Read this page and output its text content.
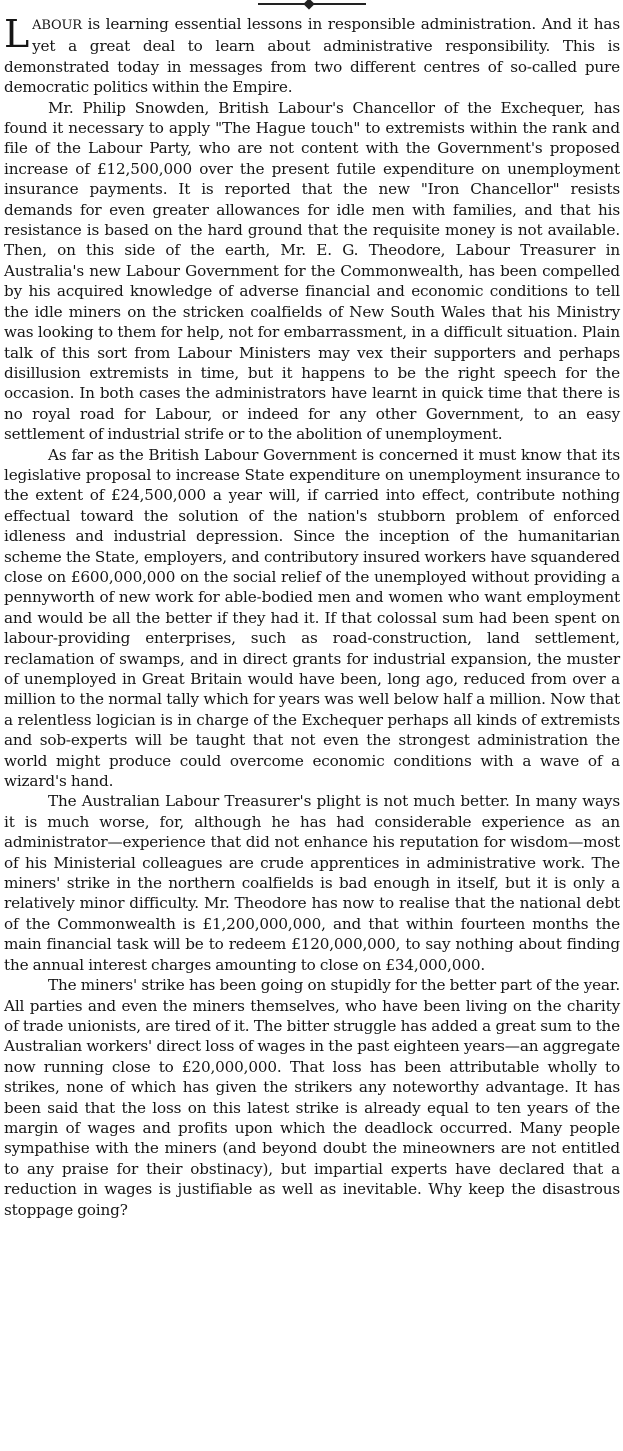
LABOUR is learning essential lessons in responsible administration. And it has yet a great deal to learn about administrative responsibility. This is demonstrated today in messages from two different centres of so-called pure democratic politics within the Empire.

Mr. Philip Snowden, British Labour's Chancellor of the Exchequer, has found it necessary to apply "The Hague touch" to extremists within the rank and file of the Labour Party, who are not content with the Government's proposed increase of £12,500,000 over the present futile expenditure on unemployment insurance payments. It is reported that the new "Iron Chancellor" resists demands for even greater allowances for idle men with families, and that his resistance is based on the hard ground that the requisite money is not available. Then, on this side of the earth, Mr. E. G. Theodore, Labour Treasurer in Australia's new Labour Government for the Commonwealth, has been compelled by his acquired knowledge of adverse financial and economic conditions to tell the idle miners on the stricken coalfields of New South Wales that his Ministry was looking to them for help, not for embarrassment, in a difficult situation. Plain talk of this sort from Labour Ministers may vex their supporters and perhaps disillusion extremists in time, but it happens to be the right speech for the occasion. In both cases the administrators have learnt in quick time that there is no royal road for Labour, or indeed for any other Government, to an easy settlement of industrial strife or to the abolition of unemployment.

As far as the British Labour Government is concerned it must know that its legislative proposal to increase State expenditure on unemployment insurance to the extent of £24,500,000 a year will, if carried into effect, contribute nothing effectual toward the solution of the nation's stubborn problem of enforced idleness and industrial depression. Since the inception of the humanitarian scheme the State, employers, and contributory insured workers have squandered close on £600,000,000 on the social relief of the unemployed without providing a pennyworth of new work for able-bodied men and women who want employment and would be all the better if they had it. If that colossal sum had been spent on labour-providing enterprises, such as road-construction, land settlement, reclamation of swamps, and in direct grants for industrial expansion, the muster of unemployed in Great Britain would have been, long ago, reduced from over a million to the normal tally which for years was well below half a million. Now that a relentless logician is in charge of the Exchequer perhaps all kinds of extremists and sob-experts will be taught that not even the strongest administration the world might produce could overcome economic conditions with a wave of a wizard's hand.

The Australian Labour Treasurer's plight is not much better. In many ways it is much worse, for, although he has had considerable experience as an administrator—experience that did not enhance his reputation for wisdom—most of his Ministerial colleagues are crude apprentices in administrative work. The miners' strike in the northern coalfields is bad enough in itself, but it is only a relatively minor difficulty. Mr. Theodore has now to realise that the national debt of the Commonwealth is £1,200,000,000, and that within fourteen months the main financial task will be to redeem £120,000,000, to say nothing about finding the annual interest charges amounting to close on £34,000,000.

The miners' strike has been going on stupidly for the better part of the year. All parties and even the miners themselves, who have been living on the charity of trade unionists, are tired of it. The bitter struggle has added a great sum to the Australian workers' direct loss of wages in the past eighteen years—an aggregate now running close to £20,000,000. That loss has been attributable wholly to strikes, none of which has given the strikers any noteworthy advantage. It has been said that the loss on this latest strike is already equal to ten years of the margin of wages and profits upon which the deadlock occurred. Many people sympathise with the miners (and beyond doubt the mineowners are not entitled to any praise for their obstinacy), but impartial experts have declared that a reduction in wages is justifiable as well as inevitable. Why keep the disastrous stoppage going?
